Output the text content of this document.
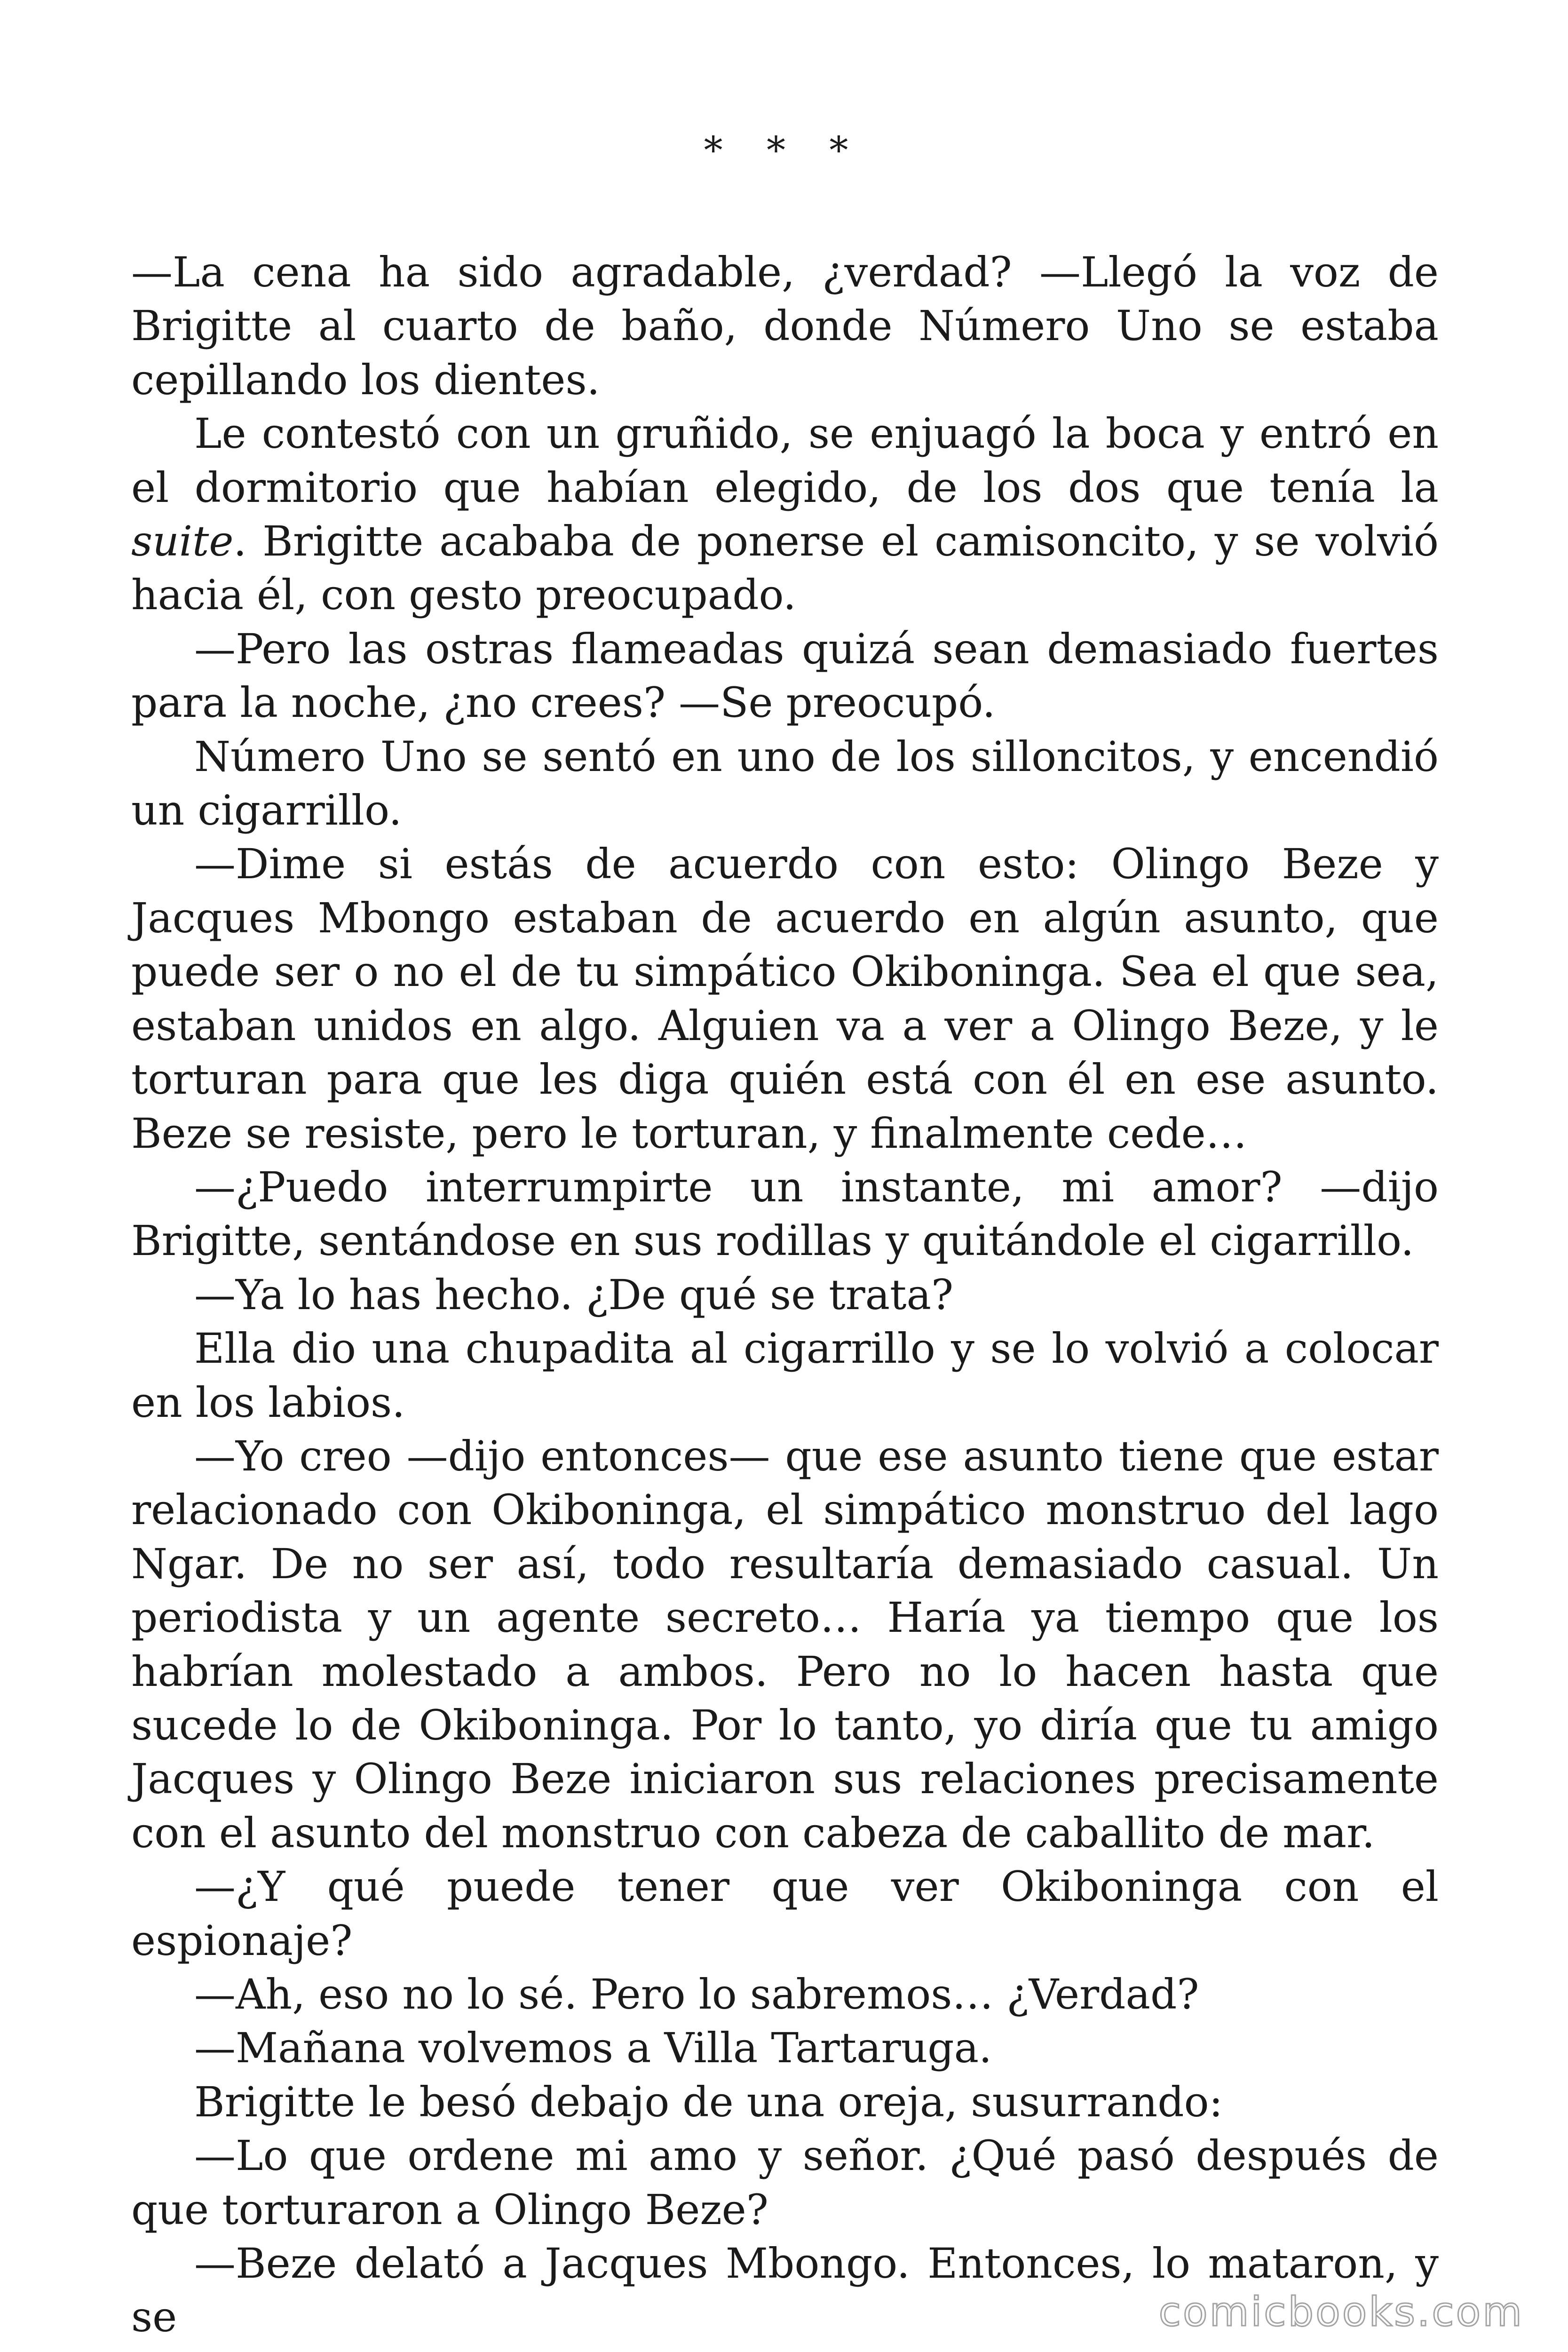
* * *

—La cena ha sido agradable, ¿verdad? —Llegó la voz de Brigitte al cuarto de baño, donde Número Uno se estaba cepillando los dientes.

Le contestó con un gruñido, se enjuagó la boca y entró en el dormitorio que habían elegido, de los dos que tenía la suite. Brigitte acababa de ponerse el camisoncito, y se volvió hacia él, con gesto preocupado.

—Pero las ostras flameadas quizá sean demasiado fuertes para la noche, ¿no crees? —Se preocupó.

Número Uno se sentó en uno de los silloncitos, y encendió un cigarrillo.

—Dime si estás de acuerdo con esto: Olingo Beze y Jacques Mbongo estaban de acuerdo en algún asunto, que puede ser o no el de tu simpático Okiboninga. Sea el que sea, estaban unidos en algo. Alguien va a ver a Olingo Beze, y le torturan para que les diga quién está con él en ese asunto. Beze se resiste, pero le torturan, y finalmente cede…

—¿Puedo interrumpirte un instante, mi amor? —dijo Brigitte, sentándose en sus rodillas y quitándole el cigarrillo.

—Ya lo has hecho. ¿De qué se trata?

Ella dio una chupadita al cigarrillo y se lo volvió a colocar en los labios.

—Yo creo —dijo entonces— que ese asunto tiene que estar relacionado con Okiboninga, el simpático monstruo del lago Ngar. De no ser así, todo resultaría demasiado casual. Un periodista y un agente secreto… Haría ya tiempo que los habrían molestado a ambos. Pero no lo hacen hasta que sucede lo de Okiboninga. Por lo tanto, yo diría que tu amigo Jacques y Olingo Beze iniciaron sus relaciones precisamente con el asunto del monstruo con cabeza de caballito de mar.

—¿Y qué puede tener que ver Okiboninga con el espionaje?

—Ah, eso no lo sé. Pero lo sabremos… ¿Verdad?

—Mañana volvemos a Villa Tartaruga.

Brigitte le besó debajo de una oreja, susurrando:

—Lo que ordene mi amo y señor. ¿Qué pasó después de que torturaron a Olingo Beze?

—Beze delató a Jacques Mbongo. Entonces, lo mataron, y se	comicbooks.com
